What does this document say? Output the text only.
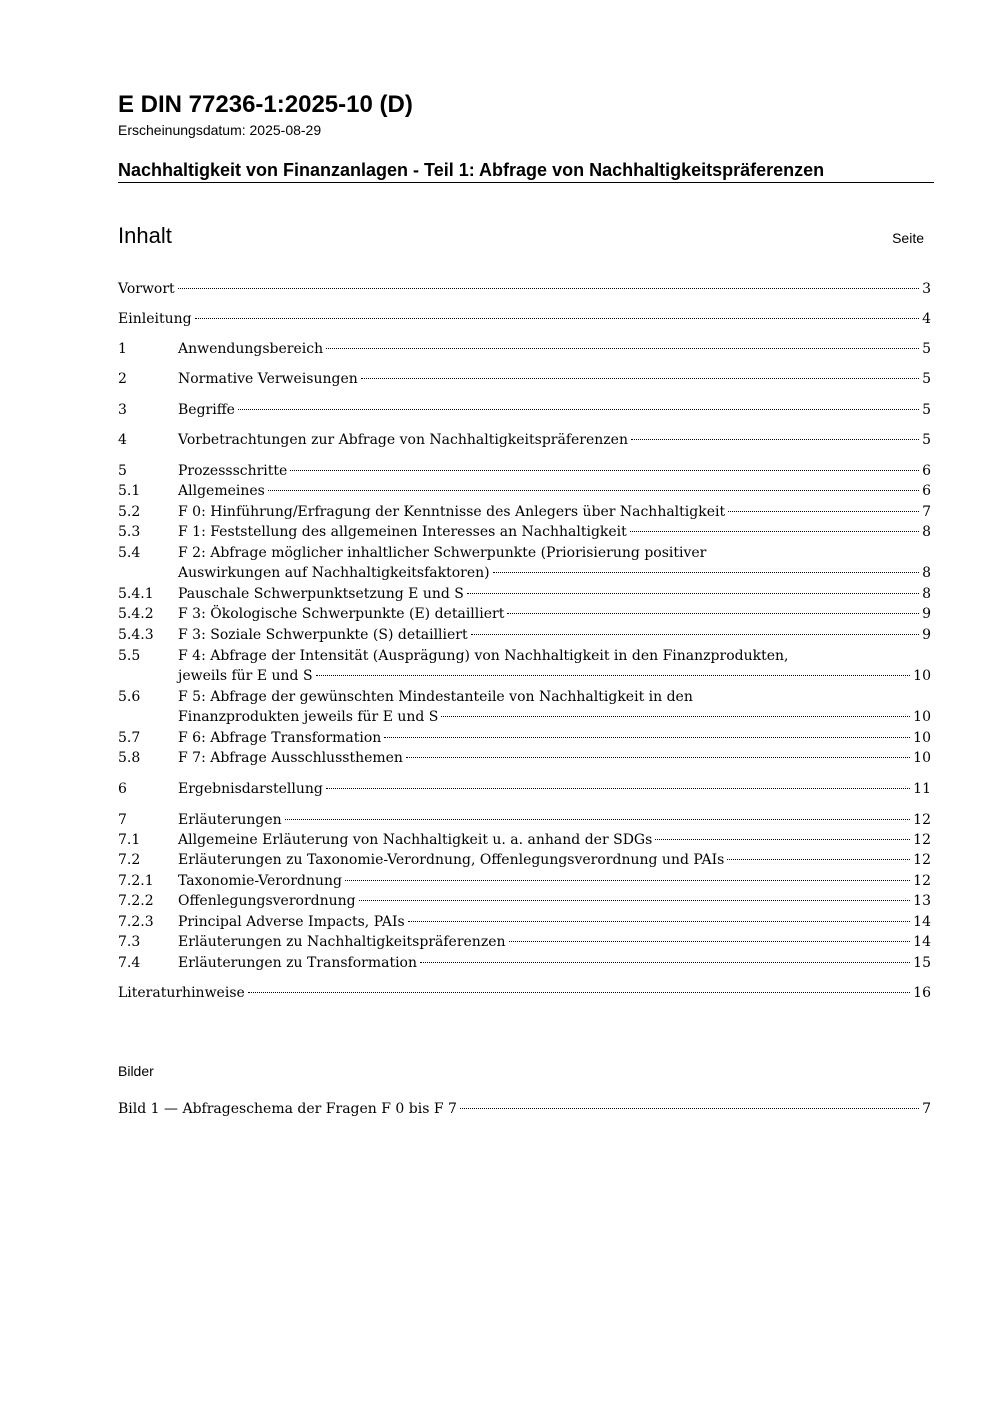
E DIN 77236-1:2025-10 (D)
Erscheinungsdatum: 2025-08-29
Nachhaltigkeit von Finanzanlagen - Teil 1: Abfrage von Nachhaltigkeitspräferenzen
Inhalt	Seite
Vorwort	3
Einleitung	4
1	Anwendungsbereich	5
2	Normative Verweisungen	5
3	Begriffe	5
4	Vorbetrachtungen zur Abfrage von Nachhaltigkeitspräferenzen	5
5	Prozessschritte	6
5.1	Allgemeines	6
5.2	F 0: Hinführung/Erfragung der Kenntnisse des Anlegers über Nachhaltigkeit	7
5.3	F 1: Feststellung des allgemeinen Interesses an Nachhaltigkeit	8
5.4	F 2: Abfrage möglicher inhaltlicher Schwerpunkte (Priorisierung positiver
Auswirkungen auf Nachhaltigkeitsfaktoren)	8
5.4.1	Pauschale Schwerpunktsetzung E und S	8
5.4.2	F 3: Ökologische Schwerpunkte (E) detailliert	9
5.4.3	F 3: Soziale Schwerpunkte (S) detailliert	9
5.5	F 4: Abfrage der Intensität (Ausprägung) von Nachhaltigkeit in den Finanzprodukten,
jeweils für E und S	10
5.6	F 5: Abfrage der gewünschten Mindestanteile von Nachhaltigkeit in den
Finanzprodukten jeweils für E und S	10
5.7	F 6: Abfrage Transformation	10
5.8	F 7: Abfrage Ausschlussthemen	10
6	Ergebnisdarstellung	11
7	Erläuterungen	12
7.1	Allgemeine Erläuterung von Nachhaltigkeit u. a. anhand der SDGs	12
7.2	Erläuterungen zu Taxonomie-Verordnung, Offenlegungsverordnung und PAIs	12
7.2.1	Taxonomie-Verordnung	12
7.2.2	Offenlegungsverordnung	13
7.2.3	Principal Adverse Impacts, PAIs	14
7.3	Erläuterungen zu Nachhaltigkeitspräferenzen	14
7.4	Erläuterungen zu Transformation	15
Literaturhinweise	16
Bilder
Bild 1 — Abfrageschema der Fragen F 0 bis F 7	7
